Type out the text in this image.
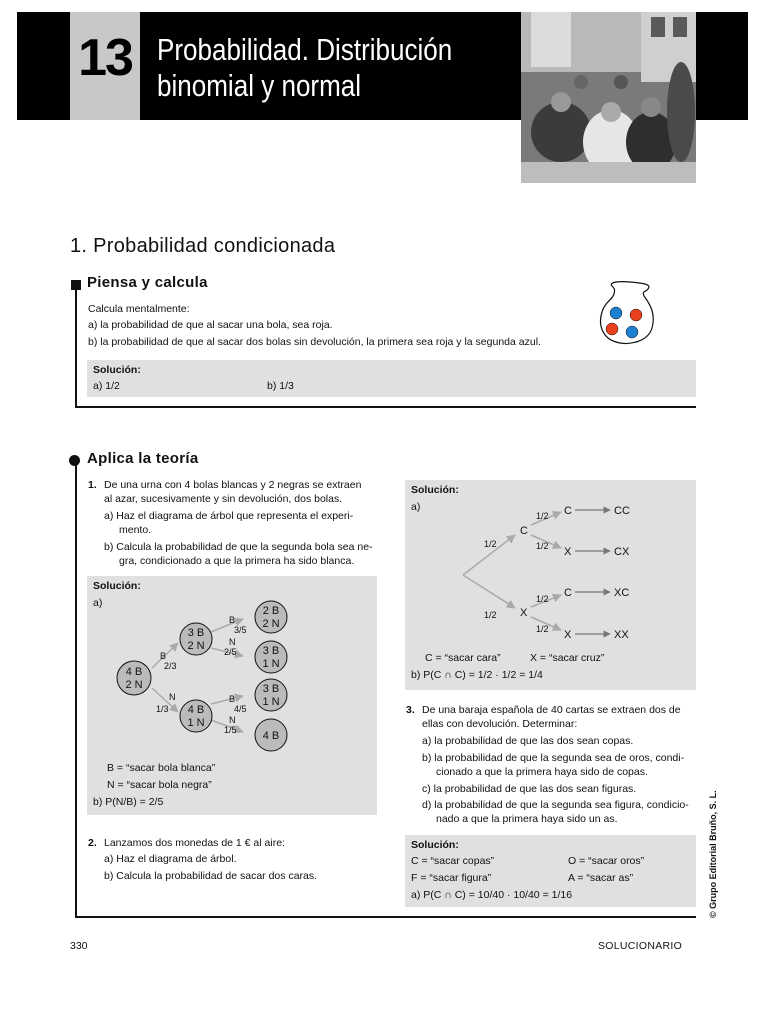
13 Probabilidad. Distribución
binomial y normal
1. Probabilidad condicionada
Piensa y calcula
Calcula mentalmente:
a) la probabilidad de que al sacar una bola, sea roja.
b) la probabilidad de que al sacar dos bolas sin devolución, la primera sea roja y la segunda azul.
Solución:
a) 1/2	b) 1/3
Aplica la teoría
1. De una urna con 4 bolas blancas y 2 negras se extraen
al azar, sucesivamente y sin devolución, dos bolas.
a) Haz el diagrama de árbol que representa el experi-
mento.
b) Calcula la probabilidad de que la segunda bola sea ne-
gra, condicionado a que la primera ha sido blanca.
Solución:
a)
4 B
2 N
3 B
2 N
4 B
1 N
2 B
2 N
3 B
1 N
3 B
1 N
4 B
B
2/3
N
1/3
B
3/5
N
2/5
B
4/5
N
1/5
B = “sacar bola blanca”
N = “sacar bola negra”
b) P(N/B) = 2/5
2. Lanzamos dos monedas de 1 € al aire:
a) Haz el diagrama de árbol.
b) Calcula la probabilidad de sacar dos caras.
Solución:
a)
C
X
C
X
C
X
CC
CX
XC
XX
1/2
1/2
1/2
1/2
1/2
1/2
C = “sacar cara”	X = “sacar cruz”
b) P(C ∩ C) = 1/2 · 1/2 = 1/4
3. De una baraja española de 40 cartas se extraen dos de
ellas con devolución. Determinar:
a) la probabilidad de que las dos sean copas.
b) la probabilidad de que la segunda sea de oros, condi-
cionado a que la primera haya sido de copas.
c) la probabilidad de que las dos sean figuras.
d) la probabilidad de que la segunda sea figura, condicio-
nado a que la primera haya sido un as.
Solución:
C = “sacar copas”	O = “sacar oros”
F = “sacar figura”	A = “sacar as”
a) P(C ∩ C) = 10/40 · 10/40 = 1/16
330	SOLUCIONARIO
© Grupo Editorial Bruño, S. L.
